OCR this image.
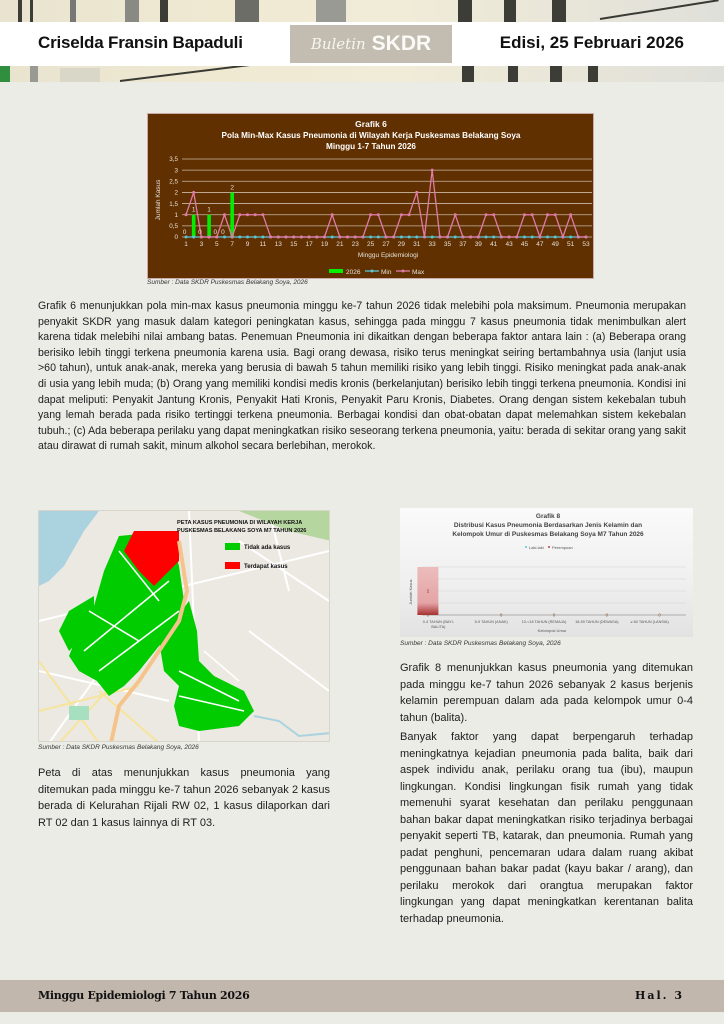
Criselda Fransin Bapaduli	Buletin SKDR	Edisi, 25 Februari 2026
Grafik 6
Pola Min-Max Kasus Pneumonia di Wilayah Kerja Puskesmas Belakang Soya
Minggu 1-7 Tahun 2026
0
0,5
1
1,5
2
2,5
3
3,5
1 3 5 7 9 11 13 15 17 19 21 23 25 27 29 31 33 35 37 39 41 43 45 47 49 51 53
0
1
0
1
0 0
2
Jumlah Kasus
Minggu Epidemiologi
2026	Min	Max
Sumber : Data SKDR Puskesmas Belakang Soya, 2026
Grafik 6 menunjukkan pola min-max kasus pneumonia minggu ke-7 tahun 2026 tidak melebihi pola maksimum. Pneumonia merupakan penyakit SKDR yang masuk dalam kategori peningkatan kasus, sehingga pada minggu 7 kasus pneumonia tidak menimbulkan alert karena tidak melebihi nilai ambang batas. Penemuan Pneumonia ini dikaitkan dengan beberapa faktor antara lain : (a) Beberapa orang berisiko lebih tinggi terkena pneumonia karena usia. Bagi orang dewasa, risiko terus meningkat seiring bertambahnya usia (lanjut usia >60 tahun), untuk anak-anak, mereka yang berusia di bawah 5 tahun memiliki risiko yang lebih tinggi. Risiko meningkat pada anak-anak di usia yang lebih muda; (b) Orang yang memiliki kondisi medis kronis (berkelanjutan) berisiko lebih tinggi terkena pneumonia. Kondisi ini dapat meliputi: Penyakit Jantung Kronis, Penyakit Hati Kronis, Penyakit Paru Kronis, Diabetes. Orang dengan sistem kekebalan tubuh yang lemah berada pada risiko tertinggi terkena pneumonia. Berbagai kondisi dan obat-obatan dapat melemahkan sistem kekebalan tubuh.; (c) Ada beberapa perilaku yang dapat meningkatkan risiko seseorang terkena pneumonia, yaitu: berada di sekitar orang yang sakit atau dirawat di rumah sakit, minum alkohol secara berlebihan, merokok.
PETA KASUS PNEUMONIA DI WILAYAH KERJA
PUSKESMAS BELAKANG SOYA M7 TAHUN 2026
Tidak ada kasus
Terdapat kasus
Sumber : Data SKDR Puskesmas Belakang Soya, 2026
Peta di atas menunjukkan kasus pneumonia yang ditemukan pada minggu ke-7 tahun 2026 sebanyak 2 kasus berada di Kelurahan Rijali RW 02, 1 kasus dilaporkan dari RT 02 dan 1 kasus lainnya di RT 03.
Grafik 8
Distribusi Kasus Pneumonia Berdasarkan Jenis Kelamin dan
Kelompok Umur di Puskesmas Belakang Soya M7 Tahun 2026
Laki-laki Perempuan
2
0	0	0	0	0
0-4 TAHUN (BAYI-
BALITA)
5-9 TAHUN (ANAK)	10-<18 TAHUN (REMAJA) 18-59 TAHUN (DEWASA)	≥ 60 TAHUN (LANSIA)
Jumlah Kasus
Kelompok Umur
Sumber : Data SKDR Puskesmas Belakang Soya, 2026
Grafik 8 menunjukkan kasus pneumonia yang ditemukan pada minggu ke-7 tahun 2026 sebanyak 2 kasus berjenis kelamin perempuan dalam ada pada kelompok umur 0-4 tahun (balita).
Banyak faktor yang dapat berpengaruh terhadap meningkatnya kejadian pneumonia pada balita, baik dari aspek individu anak, perilaku orang tua (ibu), maupun lingkungan. Kondisi lingkungan fisik rumah yang tidak memenuhi syarat kesehatan dan perilaku penggunaan bahan bakar dapat meningkatkan risiko terjadinya berbagai penyakit seperti TB, katarak, dan pneumonia. Rumah yang padat penghuni, pencemaran udara dalam ruang akibat penggunaan bahan bakar padat (kayu bakar / arang), dan perilaku merokok dari orangtua merupakan faktor lingkungan yang dapat meningkatkan kerentanan balita terhadap pneumonia.
Minggu Epidemiologi 7 Tahun 2026	Hal. 3
